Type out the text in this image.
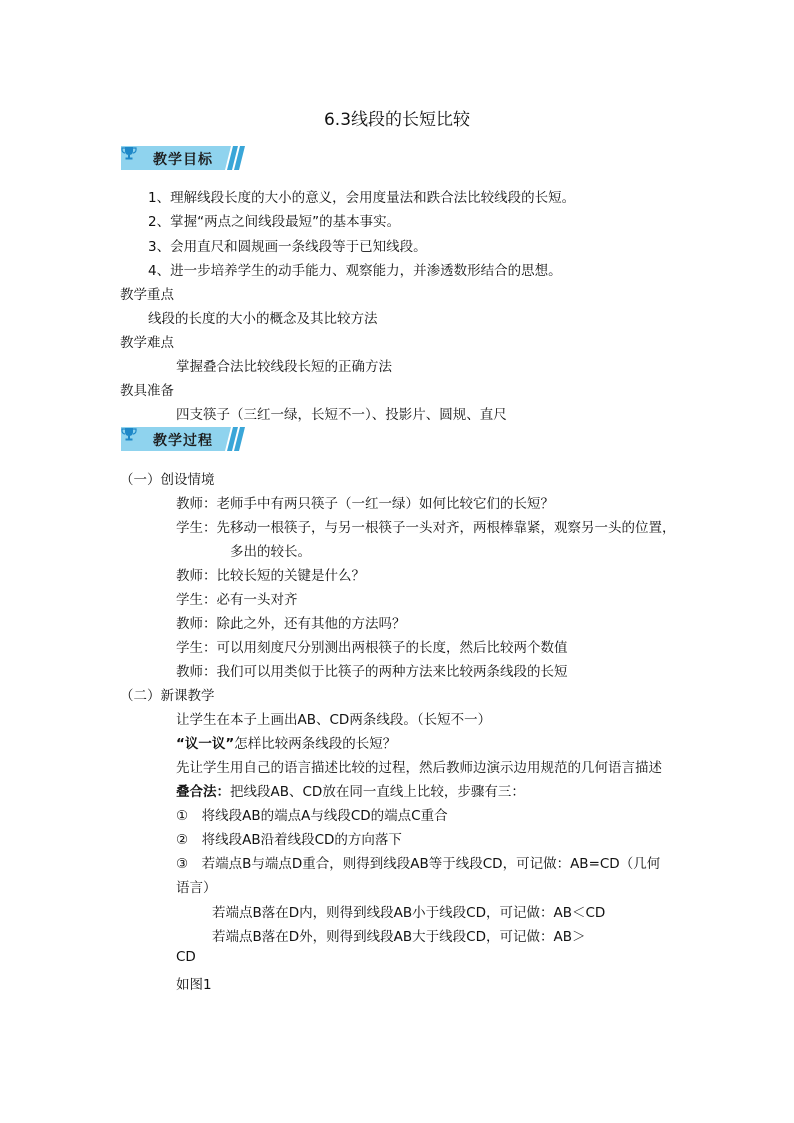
6.3线段的长短比较
教学目标
1、理解线段长度的大小的意义，会用度量法和跌合法比较线段的长短。
2、掌握“两点之间线段最短”的基本事实。
3、会用直尺和圆规画一条线段等于已知线段。
4、进一步培养学生的动手能力、观察能力，并渗透数形结合的思想。
教学重点
线段的长度的大小的概念及其比较方法
教学难点
掌握叠合法比较线段长短的正确方法
教具准备
四支筷子（三红一绿，长短不一）、投影片、圆规、直尺
教学过程
（一）创设情境
教师：老师手中有两只筷子（一红一绿）如何比较它们的长短？
学生：先移动一根筷子，与另一根筷子一头对齐，两根棒靠紧，观察另一头的位置，
多出的较长。
教师：比较长短的关键是什么？
学生：必有一头对齐
教师：除此之外，还有其他的方法吗？
学生：可以用刻度尺分别测出两根筷子的长度，然后比较两个数值
教师：我们可以用类似于比筷子的两种方法来比较两条线段的长短
（二）新课教学
让学生在本子上画出AB、CD两条线段。（长短不一）
“议一议”怎样比较两条线段的长短？
先让学生用自己的语言描述比较的过程，然后教师边演示边用规范的几何语言描述
叠合法：把线段AB、CD放在同一直线上比较，步骤有三：
①　将线段AB的端点A与线段CD的端点C重合
②　将线段AB沿着线段CD的方向落下
③　若端点B与端点D重合，则得到线段AB等于线段CD，可记做：AB=CD（几何
语言）
若端点B落在D内，则得到线段AB小于线段CD，可记做：AB＜CD
若端点B落在D外，则得到线段AB大于线段CD，可记做：AB＞
CD
如图1
